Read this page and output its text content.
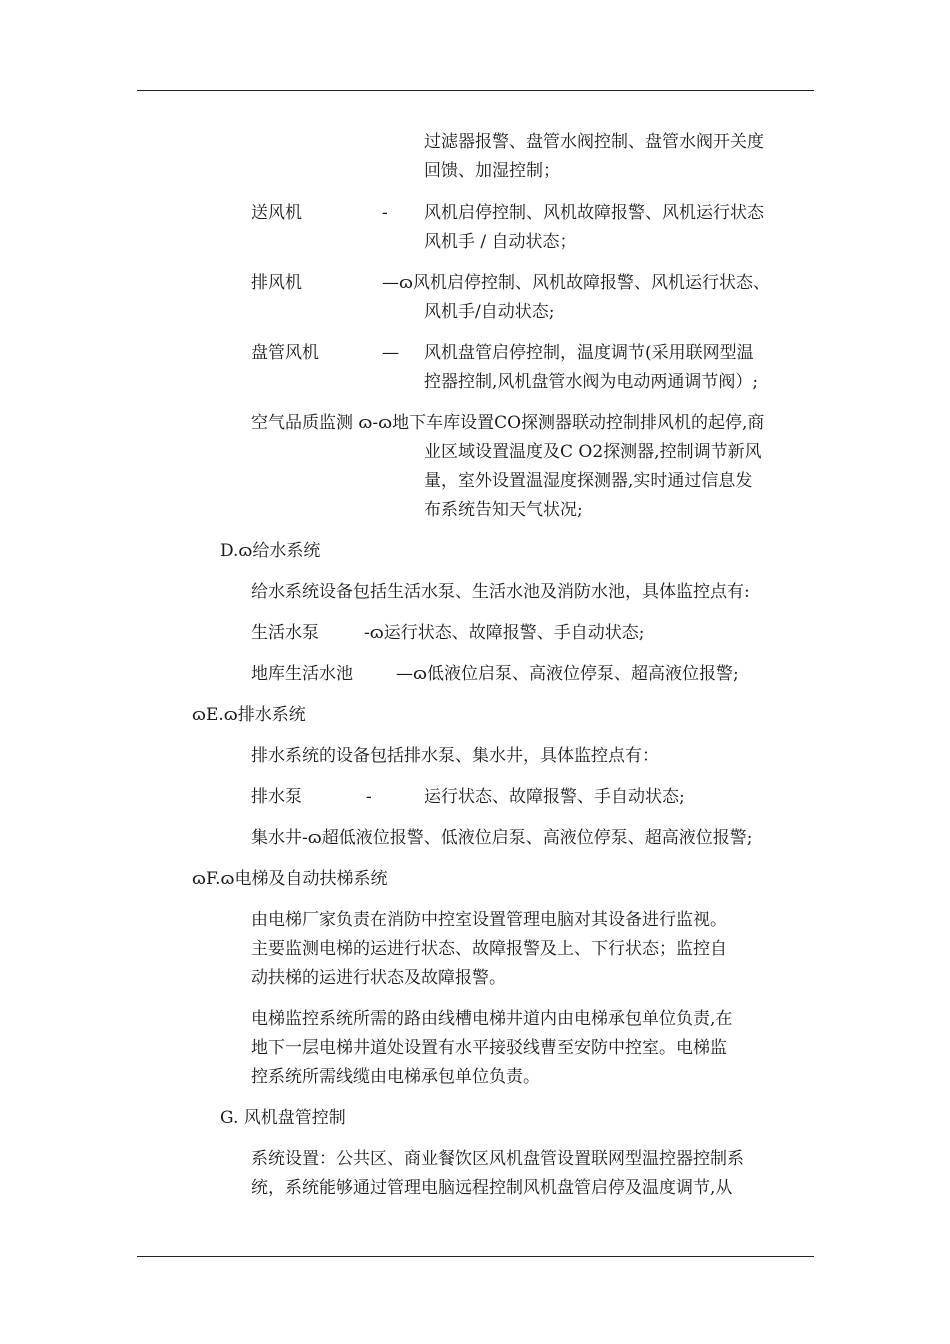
过滤器报警、盘管水阀控制、盘管水阀开关度
回馈、加湿控制；
送风机	- 风机启停控制、风机故障报警、风机运行状态
风机手 / 自动状态；
排风机	—ɷ风机启停控制、风机故障报警、风机运行状态、
风机手/自动状态;
盘管风机	— 风机盘管启停控制，温度调节(采用联网型温
控器控制,风机盘管水阀为电动两通调节阀）;
空气品质监测 ɷ-ɷ地下车库设置CO探测器联动控制排风机的起停,商
业区域设置温度及C O2探测器,控制调节新风
量，室外设置温湿度探测器,实时通过信息发
布系统告知天气状况;
D.ɷ给水系统
给水系统设备包括生活水泵、生活水池及消防水池，具体监控点有:
生活水泵	-ɷ运行状态、故障报警、手自动状态;
地库生活水池	—ɷ低液位启泵、高液位停泵、超高液位报警;
ɷE.ɷ排水系统
排水系统的设备包括排水泵、集水井，具体监控点有：
排水泵	-	运行状态、故障报警、手自动状态;
集水井-ɷ超低液位报警、低液位启泵、高液位停泵、超高液位报警;
ɷF.ɷ电梯及自动扶梯系统
由电梯厂家负责在消防中控室设置管理电脑对其设备进行监视。
主要监测电梯的运进行状态、故障报警及上、下行状态；监控自
动扶梯的运进行状态及故障报警。
电梯监控系统所需的路由线槽电梯井道内由电梯承包单位负责,在
地下一层电梯井道处设置有水平接驳线曹至安防中控室。电梯监
控系统所需线缆由电梯承包单位负责。
G. 风机盘管控制
系统设置：公共区、商业餐饮区风机盘管设置联网型温控器控制系
统，系统能够通过管理电脑远程控制风机盘管启停及温度调节,从
